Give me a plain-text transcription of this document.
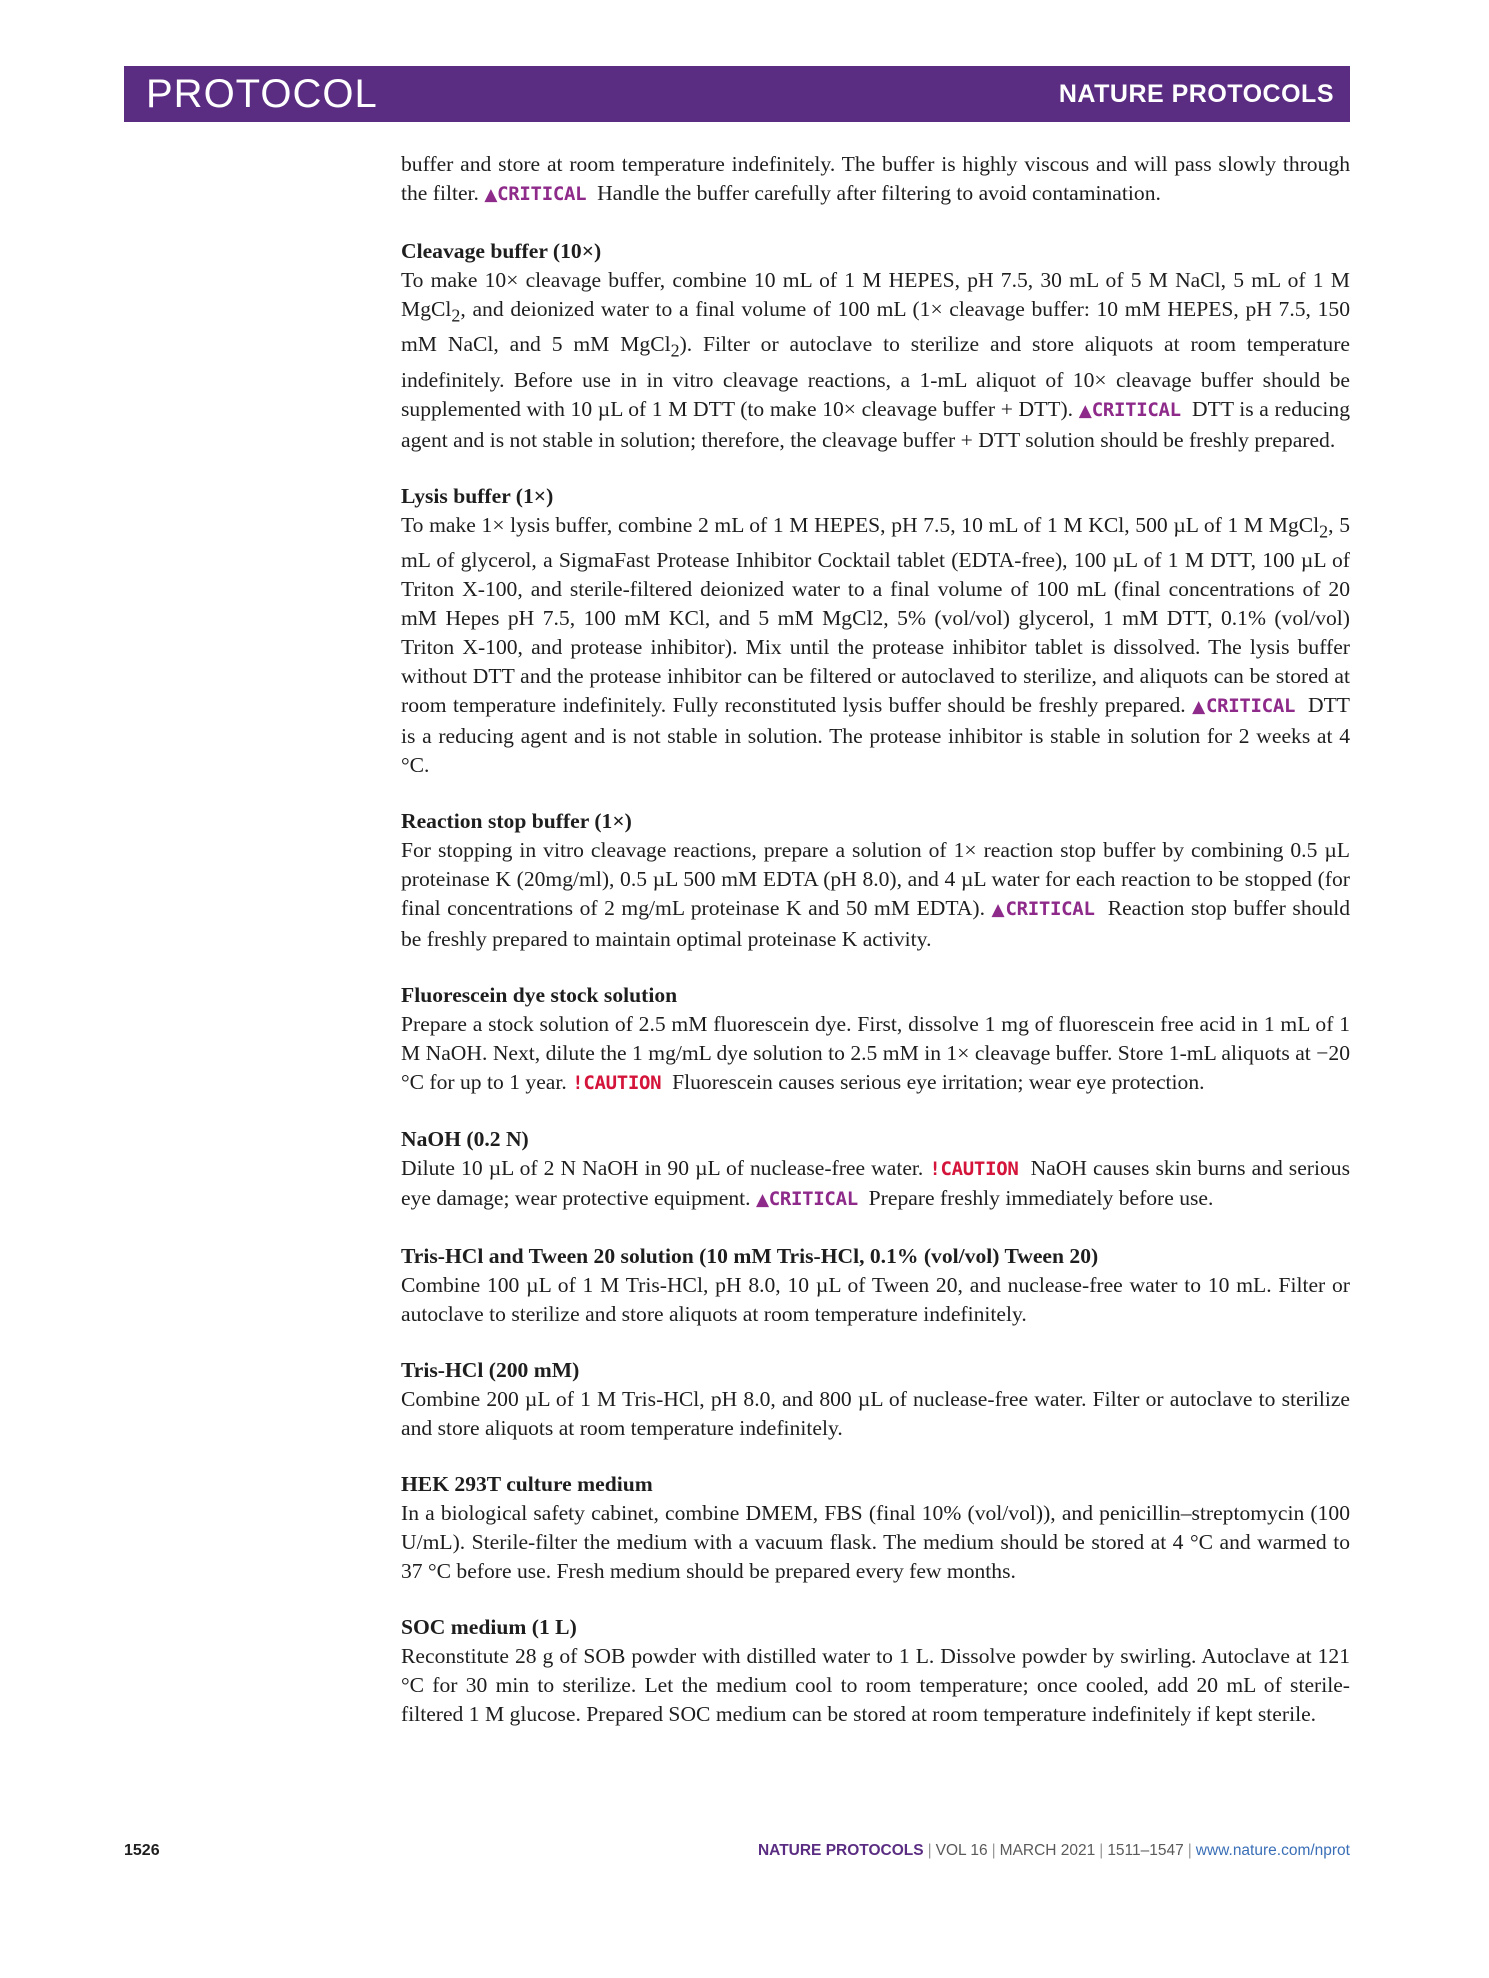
PROTOCOL	NATURE PROTOCOLS

buffer and store at room temperature indefinitely. The buffer is highly viscous and will pass slowly through the filter. ▲CRITICAL Handle the buffer carefully after filtering to avoid contamination.

Cleavage buffer (10×)

To make 10× cleavage buffer, combine 10 mL of 1 M HEPES, pH 7.5, 30 mL of 5 M NaCl, 5 mL of 1 M MgCl$_2$, and deionized water to a final volume of 100 mL (1× cleavage buffer: 10 mM HEPES, pH 7.5, 150 mM NaCl, and 5 mM MgCl$_2$). Filter or autoclave to sterilize and store aliquots at room temperature indefinitely. Before use in in vitro cleavage reactions, a 1-mL aliquot of 10× cleavage buffer should be supplemented with 10 µL of 1 M DTT (to make 10× cleavage buffer + DTT). ▲CRITICAL DTT is a reducing agent and is not stable in solution; therefore, the cleavage buffer + DTT solution should be freshly prepared.

Lysis buffer (1×)

To make 1× lysis buffer, combine 2 mL of 1 M HEPES, pH 7.5, 10 mL of 1 M KCl, 500 µL of 1 M MgCl$_2$, 5 mL of glycerol, a SigmaFast Protease Inhibitor Cocktail tablet (EDTA-free), 100 µL of 1 M DTT, 100 µL of Triton X-100, and sterile-filtered deionized water to a final volume of 100 mL (final concentrations of 20 mM Hepes pH 7.5, 100 mM KCl, and 5 mM MgCl2, 5% (vol/vol) glycerol, 1 mM DTT, 0.1% (vol/vol) Triton X-100, and protease inhibitor). Mix until the protease inhibitor tablet is dissolved. The lysis buffer without DTT and the protease inhibitor can be filtered or autoclaved to sterilize, and aliquots can be stored at room temperature indefinitely. Fully reconstituted lysis buffer should be freshly prepared. ▲CRITICAL DTT is a reducing agent and is not stable in solution. The protease inhibitor is stable in solution for 2 weeks at 4 °C.

Reaction stop buffer (1×)

For stopping in vitro cleavage reactions, prepare a solution of 1× reaction stop buffer by combining 0.5 µL proteinase K (20mg/ml), 0.5 µL 500 mM EDTA (pH 8.0), and 4 µL water for each reaction to be stopped (for final concentrations of 2 mg/mL proteinase K and 50 mM EDTA). ▲CRITICAL Reaction stop buffer should be freshly prepared to maintain optimal proteinase K activity.

Fluorescein dye stock solution

Prepare a stock solution of 2.5 mM fluorescein dye. First, dissolve 1 mg of fluorescein free acid in 1 mL of 1 M NaOH. Next, dilute the 1 mg/mL dye solution to 2.5 mM in 1× cleavage buffer. Store 1-mL aliquots at −20 °C for up to 1 year. !CAUTION Fluorescein causes serious eye irritation; wear eye protection.

NaOH (0.2 N)

Dilute 10 µL of 2 N NaOH in 90 µL of nuclease-free water. !CAUTION NaOH causes skin burns and serious eye damage; wear protective equipment. ▲CRITICAL Prepare freshly immediately before use.

Tris-HCl and Tween 20 solution (10 mM Tris-HCl, 0.1% (vol/vol) Tween 20)

Combine 100 µL of 1 M Tris-HCl, pH 8.0, 10 µL of Tween 20, and nuclease-free water to 10 mL. Filter or autoclave to sterilize and store aliquots at room temperature indefinitely.

Tris-HCl (200 mM)

Combine 200 µL of 1 M Tris-HCl, pH 8.0, and 800 µL of nuclease-free water. Filter or autoclave to sterilize and store aliquots at room temperature indefinitely.

HEK 293T culture medium

In a biological safety cabinet, combine DMEM, FBS (final 10% (vol/vol)), and penicillin–streptomycin (100 U/mL). Sterile-filter the medium with a vacuum flask. The medium should be stored at 4 °C and warmed to 37 °C before use. Fresh medium should be prepared every few months.

SOC medium (1 L)

Reconstitute 28 g of SOB powder with distilled water to 1 L. Dissolve powder by swirling. Autoclave at 121 °C for 30 min to sterilize. Let the medium cool to room temperature; once cooled, add 20 mL of sterile-filtered 1 M glucose. Prepared SOC medium can be stored at room temperature indefinitely if kept sterile.

1526	NATURE PROTOCOLS | VOL 16 | MARCH 2021 | 1511–1547 | www.nature.com/nprot
